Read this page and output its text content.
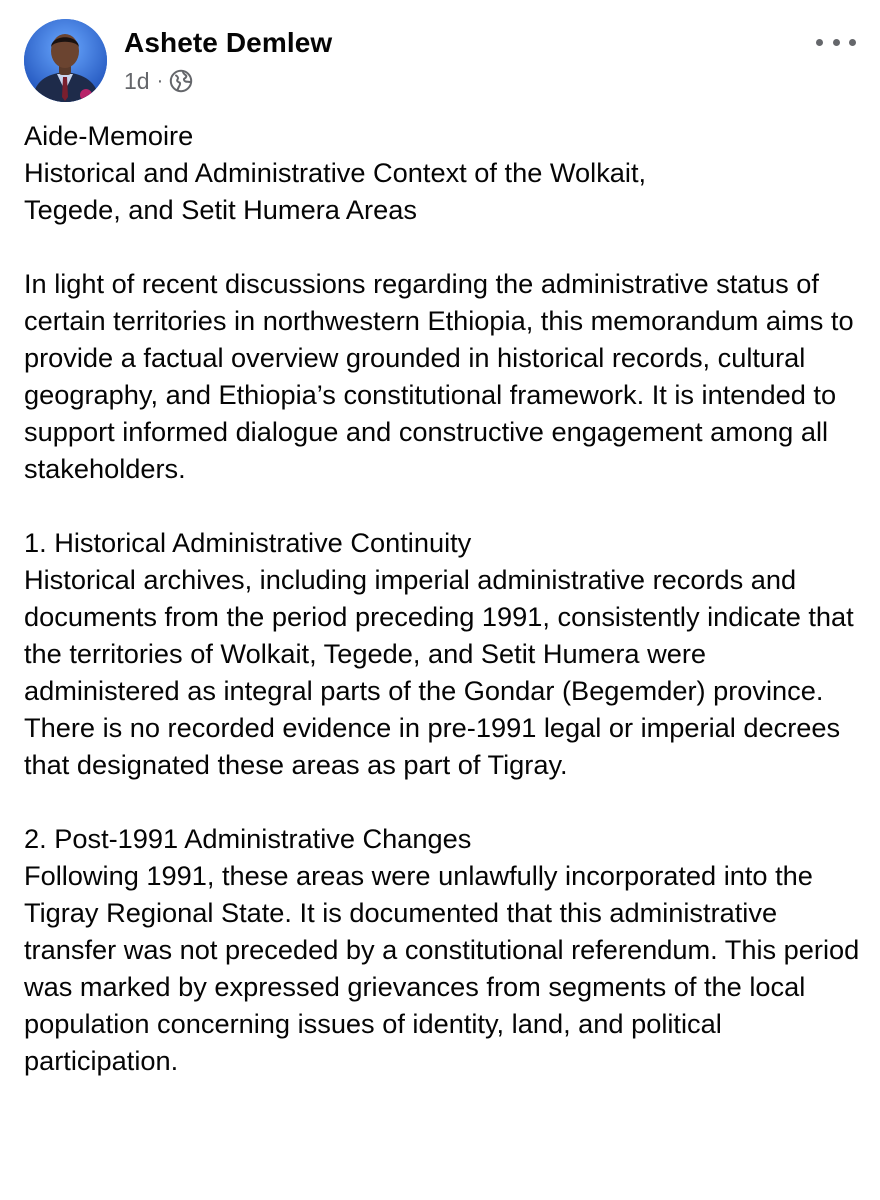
Ashete Demlew
1d ·

Aide-Memoire

Historical and Administrative Context of the Wolkait,

Tegede, and Setit Humera Areas

In light of recent discussions regarding the administrative status of certain territories in northwestern Ethiopia, this memorandum aims to provide a factual overview grounded in historical records, cultural geography, and Ethiopia’s constitutional framework. It is intended to support informed dialogue and constructive engagement among all stakeholders.

1. Historical Administrative Continuity

Historical archives, including imperial administrative records and documents from the period preceding 1991, consistently indicate that the territories of Wolkait, Tegede, and Setit Humera were administered as integral parts of the Gondar (Begemder) province. There is no recorded evidence in pre-1991 legal or imperial decrees that designated these areas as part of Tigray.

2. Post-1991 Administrative Changes

Following 1991, these areas were unlawfully incorporated into the Tigray Regional State. It is documented that this administrative transfer was not preceded by a constitutional referendum. This period was marked by expressed grievances from segments of the local population concerning issues of identity, land, and political participation.
